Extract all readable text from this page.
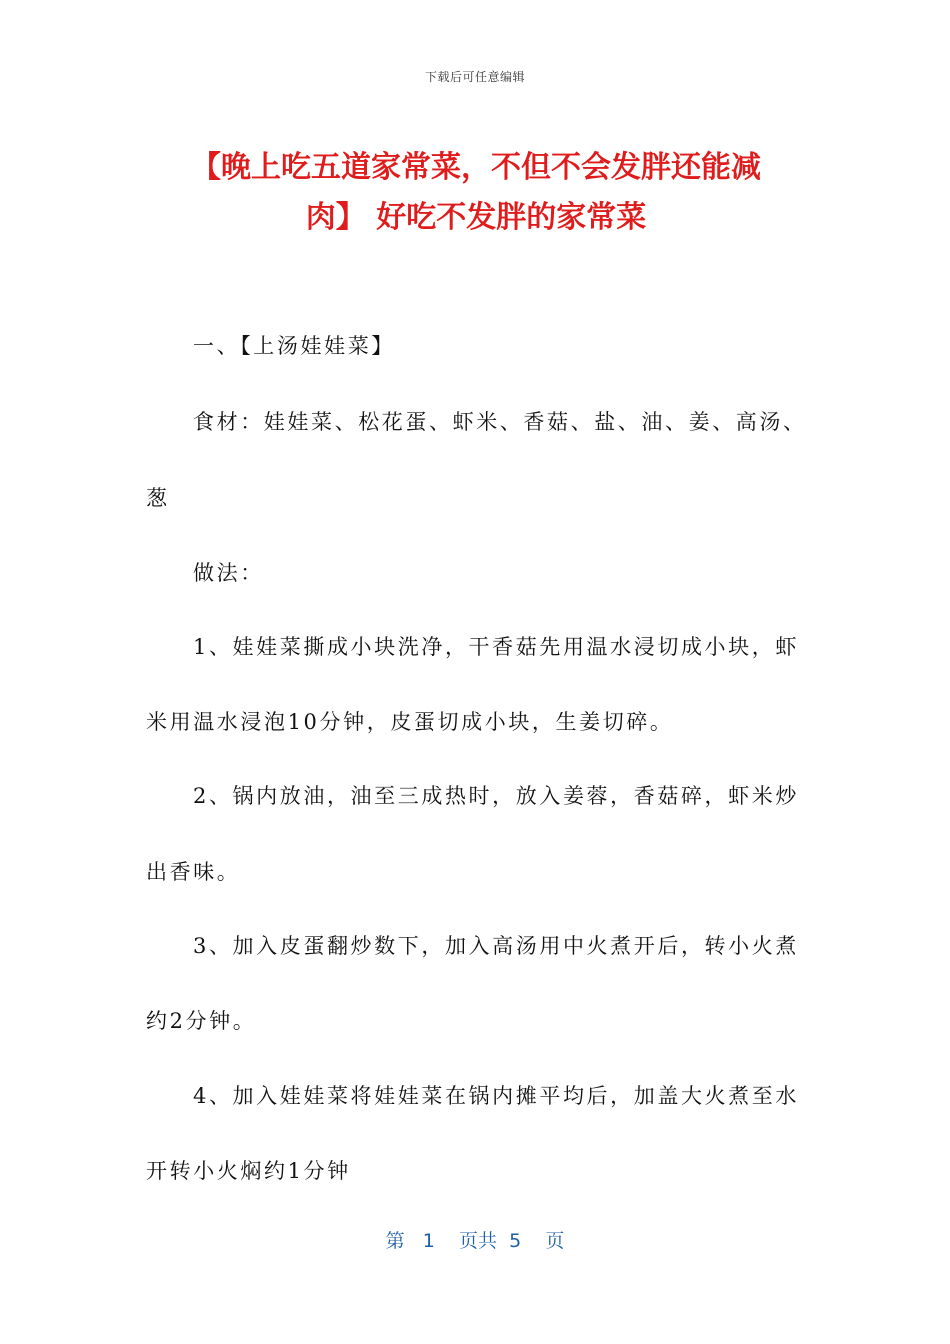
下载后可任意编辑
【晚上吃五道家常菜，不但不会发胖还能减
肉】 好吃不发胖的家常菜
一、【上汤娃娃菜】
食材：娃娃菜、松花蛋、虾米、香菇、盐、油、姜、高汤、
葱
做法：
1、娃娃菜撕成小块洗净，干香菇先用温水浸切成小块，虾
米用温水浸泡10分钟，皮蛋切成小块，生姜切碎。
2、锅内放油，油至三成热时，放入姜蓉，香菇碎，虾米炒
出香味。
3、加入皮蛋翻炒数下，加入高汤用中火煮开后，转小火煮
约2分钟。
4、加入娃娃菜将娃娃菜在锅内摊平均后，加盖大火煮至水
开转小火焖约1分钟
第   1    页共  5    页
